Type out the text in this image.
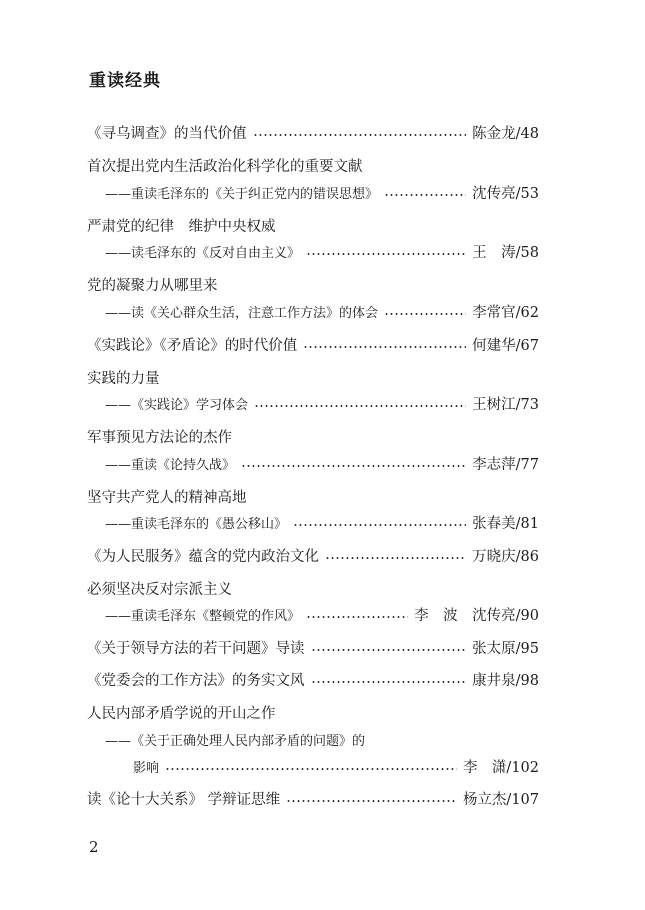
重读经典
《寻乌调查》的当代价值	陈金龙/48
首次提出党内生活政治化科学化的重要文献
——重读毛泽东的《关于纠正党内的错误思想》	沈传亮/53
严肃党的纪律　维护中央权威
——读毛泽东的《反对自由主义》	王　涛/58
党的凝聚力从哪里来
——读《关心群众生活，注意工作方法》的体会	李常官/62
《实践论》《矛盾论》的时代价值	何建华/67
实践的力量
——《实践论》学习体会	王树江/73
军事预见方法论的杰作
——重读《论持久战》	李志萍/77
坚守共产党人的精神高地
——重读毛泽东的《愚公移山》	张春美/81
《为人民服务》蕴含的党内政治文化	万晓庆/86
必须坚决反对宗派主义
——重读毛泽东《整顿党的作风》	李　波　沈传亮/90
《关于领导方法的若干问题》导读	张太原/95
《党委会的工作方法》的务实文风	康井泉/98
人民内部矛盾学说的开山之作
——《关于正确处理人民内部矛盾的问题》的
影响	李　潇/102
读《论十大关系》 学辩证思维	杨立杰/107
2
